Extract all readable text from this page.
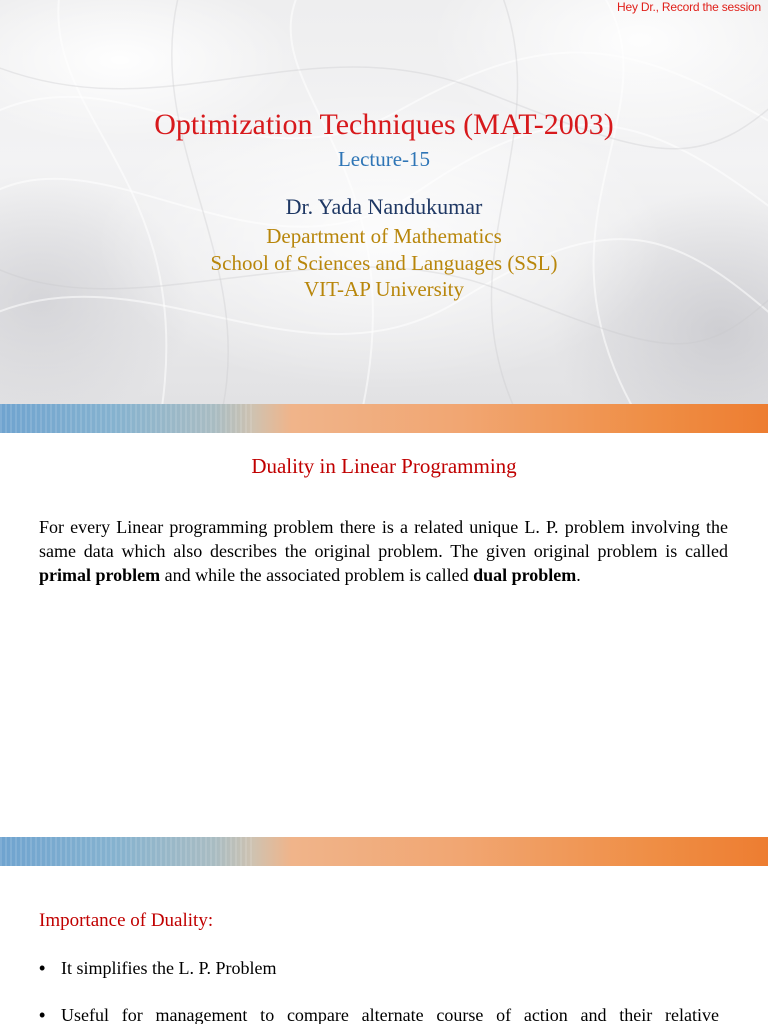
Hey Dr., Record the session
Optimization Techniques (MAT-2003)
Lecture-15
Dr. Yada Nandukumar
Department of Mathematics
School of Sciences and Languages (SSL)
VIT-AP University
Duality in Linear Programming
For every Linear programming problem there is a related unique L. P. problem involving the same data which also describes the original problem. The given original problem is called primal problem and while the associated problem is called dual problem.
Importance of Duality:
• It simplifies the L. P. Problem
• Useful for management to compare alternate course of action and their relative
